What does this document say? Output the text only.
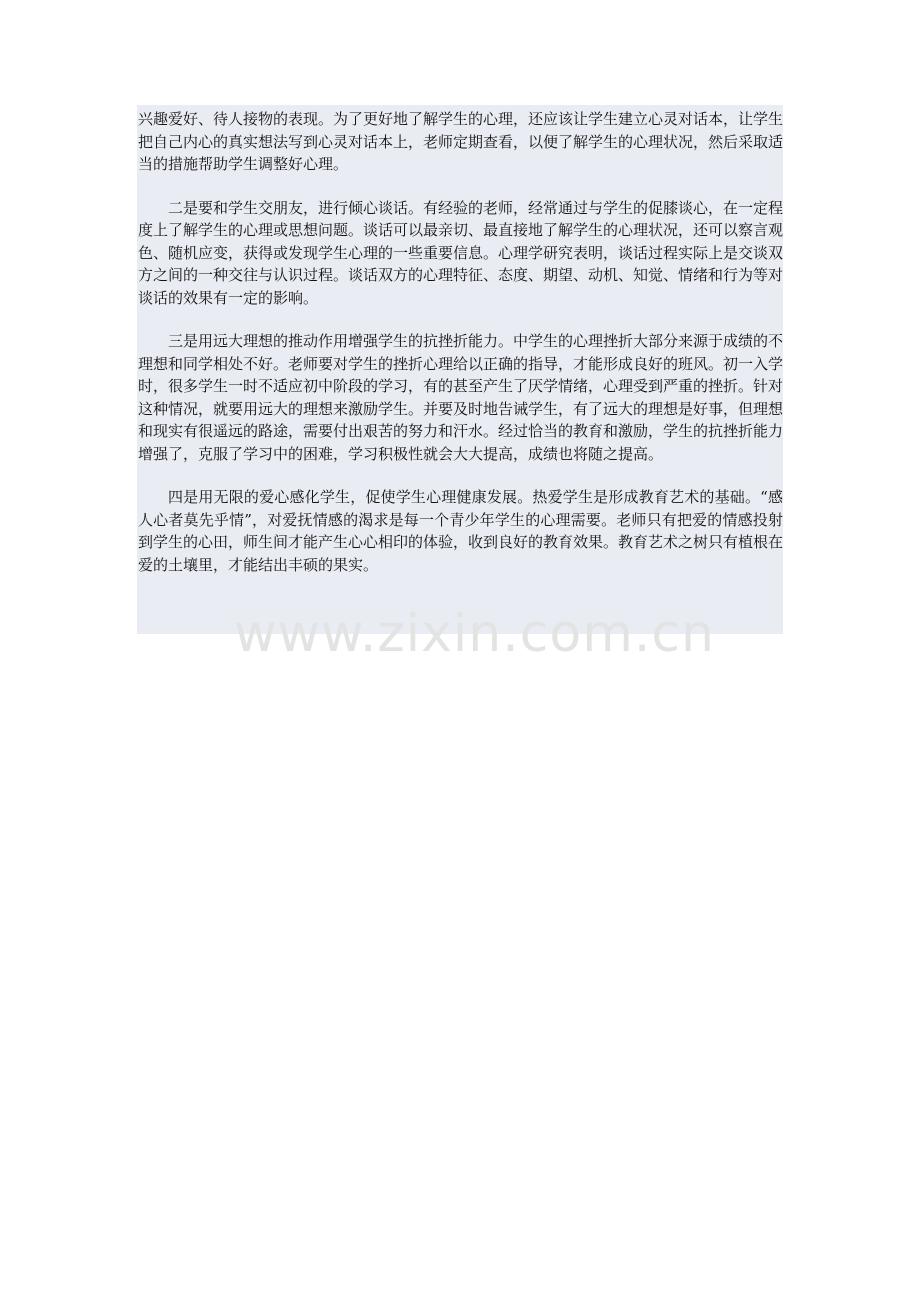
兴趣爱好、待人接物的表现。为了更好地了解学生的心理，还应该让学生建立心灵对话本，让学生把自己内心的真实想法写到心灵对话本上，老师定期查看，以便了解学生的心理状况，然后采取适当的措施帮助学生调整好心理。

二是要和学生交朋友，进行倾心谈话。有经验的老师，经常通过与学生的促膝谈心，在一定程度上了解学生的心理或思想问题。谈话可以最亲切、最直接地了解学生的心理状况，还可以察言观色、随机应变，获得或发现学生心理的一些重要信息。心理学研究表明，谈话过程实际上是交谈双方之间的一种交往与认识过程。谈话双方的心理特征、态度、期望、动机、知觉、情绪和行为等对谈话的效果有一定的影响。

三是用远大理想的推动作用增强学生的抗挫折能力。中学生的心理挫折大部分来源于成绩的不理想和同学相处不好。老师要对学生的挫折心理给以正确的指导，才能形成良好的班风。初一入学时，很多学生一时不适应初中阶段的学习，有的甚至产生了厌学情绪，心理受到严重的挫折。针对这种情况，就要用远大的理想来激励学生。并要及时地告诫学生，有了远大的理想是好事，但理想和现实有很遥远的路途，需要付出艰苦的努力和汗水。经过恰当的教育和激励，学生的抗挫折能力增强了，克服了学习中的困难，学习积极性就会大大提高，成绩也将随之提高。

四是用无限的爱心感化学生，促使学生心理健康发展。热爱学生是形成教育艺术的基础。“感人心者莫先乎情”，对爱抚情感的渴求是每一个青少年学生的心理需要。老师只有把爱的情感投射到学生的心田，师生间才能产生心心相印的体验，收到良好的教育效果。教育艺术之树只有植根在爱的土壤里，才能结出丰硕的果实。

www.zixin.com.cn
